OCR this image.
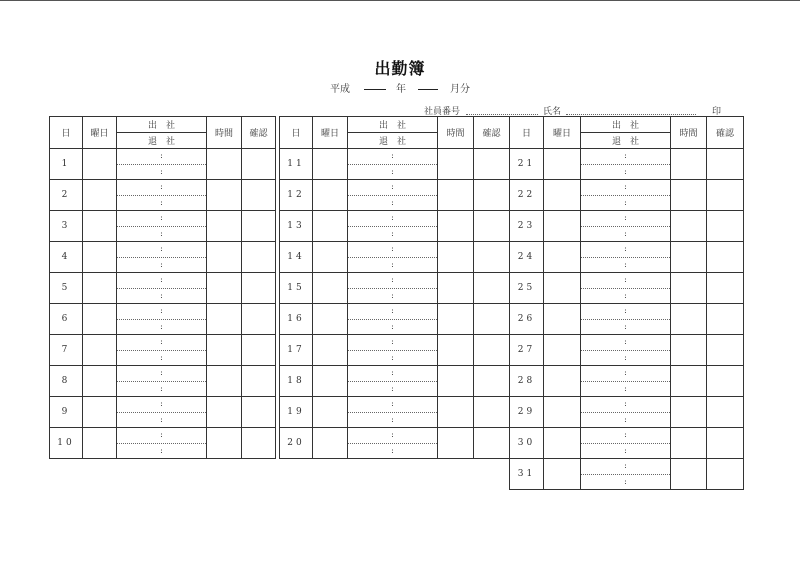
出勤簿
平成	年	月分
社員番号	氏名	印
日	曜日	出　社	時間	確認
		退　社		
1		:
:		

2		:
:		

3		:
:		

4		:
:		

5		:
:		

6		:
:		

7		:
:		

8		:
:		

9		:
:		

10		:
:		

日	曜日	出　社	時間	確認
		退　社		
11		:
:		

12		:
:		

13		:
:		

14		:
:		

15		:
:		

16		:
:		

17		:
:		

18		:
:		

19		:
:		

20		:
:		

日	曜日	出　社	時間	確認
		退　社		
21		:
:		

22		:
:		

23		:
:		

24		:
:		

25		:
:		

26		:
:		

27		:
:		

28		:
:		

29		:
:		

30		:
:		

31		:
:		
